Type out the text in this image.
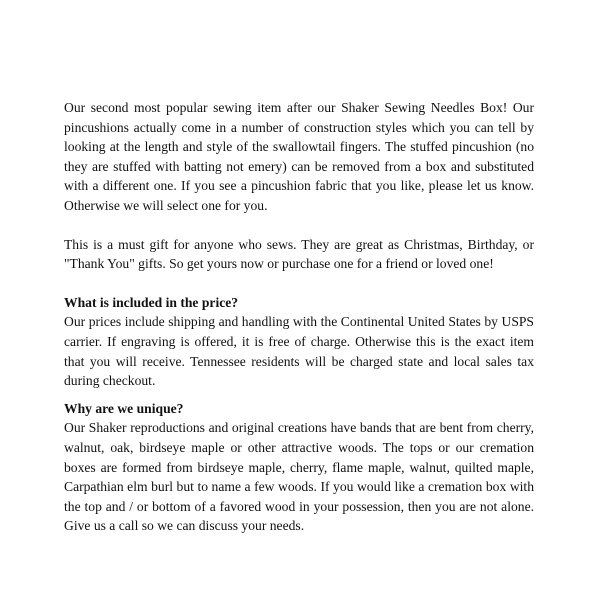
Our second most popular sewing item after our Shaker Sewing Needles Box! Our pincushions actually come in a number of construction styles which you can tell by looking at the length and style of the swallowtail fingers. The stuffed pincushion (no they are stuffed with batting not emery) can be removed from a box and substituted with a different one. If you see a pincushion fabric that you like, please let us know. Otherwise we will select one for you.

This is a must gift for anyone who sews. They are great as Christmas, Birthday, or "Thank You" gifts. So get yours now or purchase one for a friend or loved one!

What is included in the price?

Our prices include shipping and handling with the Continental United States by USPS carrier. If engraving is offered, it is free of charge. Otherwise this is the exact item that you will receive. Tennessee residents will be charged state and local sales tax during checkout.

Why are we unique?

Our Shaker reproductions and original creations have bands that are bent from cherry, walnut, oak, birdseye maple or other attractive woods. The tops or our cremation boxes are formed from birdseye maple, cherry, flame maple, walnut, quilted maple, Carpathian elm burl but to name a few woods. If you would like a cremation box with the top and / or bottom of a favored wood in your possession, then you are not alone. Give us a call so we can discuss your needs.
